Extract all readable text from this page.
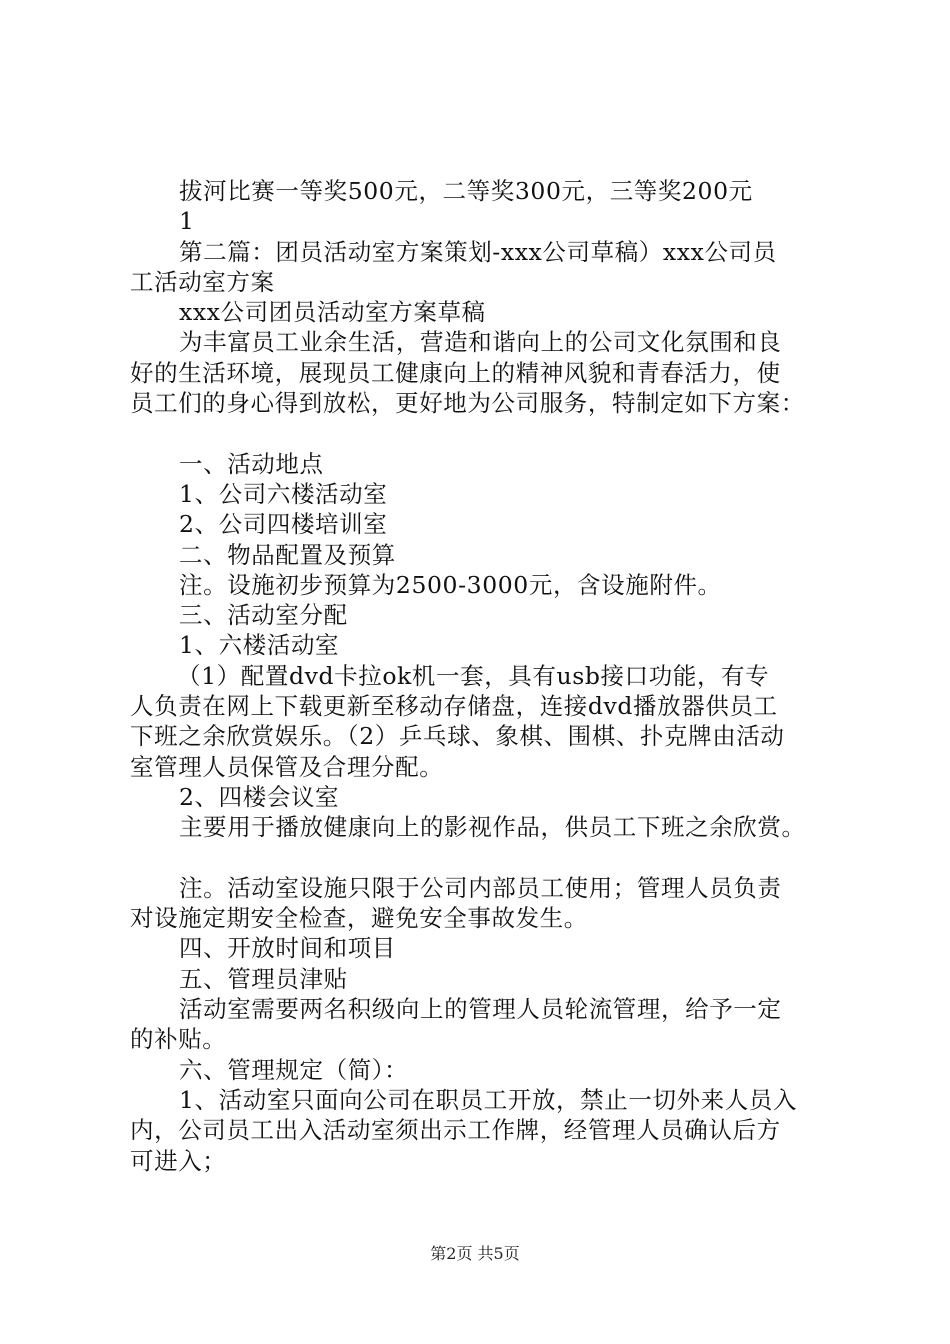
拔河比赛一等奖500元，二等奖300元，三等奖200元
1
第二篇：团员活动室方案策划-xxx公司草稿）xxx公司员
工活动室方案
xxx公司团员活动室方案草稿
为丰富员工业余生活，营造和谐向上的公司文化氛围和良
好的生活环境，展现员工健康向上的精神风貌和青春活力，使
员工们的身心得到放松，更好地为公司服务，特制定如下方案：
一、活动地点
1、公司六楼活动室
2、公司四楼培训室
二、物品配置及预算
注。设施初步预算为2500-3000元，含设施附件。
三、活动室分配
1、六楼活动室
（1）配置dvd卡拉ok机一套，具有usb接口功能，有专
人负责在网上下载更新至移动存储盘，连接dvd播放器供员工
下班之余欣赏娱乐。（2）乒乓球、象棋、围棋、扑克牌由活动
室管理人员保管及合理分配。
2、四楼会议室
主要用于播放健康向上的影视作品，供员工下班之余欣赏。
注。活动室设施只限于公司内部员工使用；管理人员负责
对设施定期安全检查，避免安全事故发生。
四、开放时间和项目
五、管理员津贴
活动室需要两名积级向上的管理人员轮流管理，给予一定
的补贴。
六、管理规定（简）：
1、活动室只面向公司在职员工开放，禁止一切外来人员入
内，公司员工出入活动室须出示工作牌，经管理人员确认后方
可进入；
第2页 共5页
